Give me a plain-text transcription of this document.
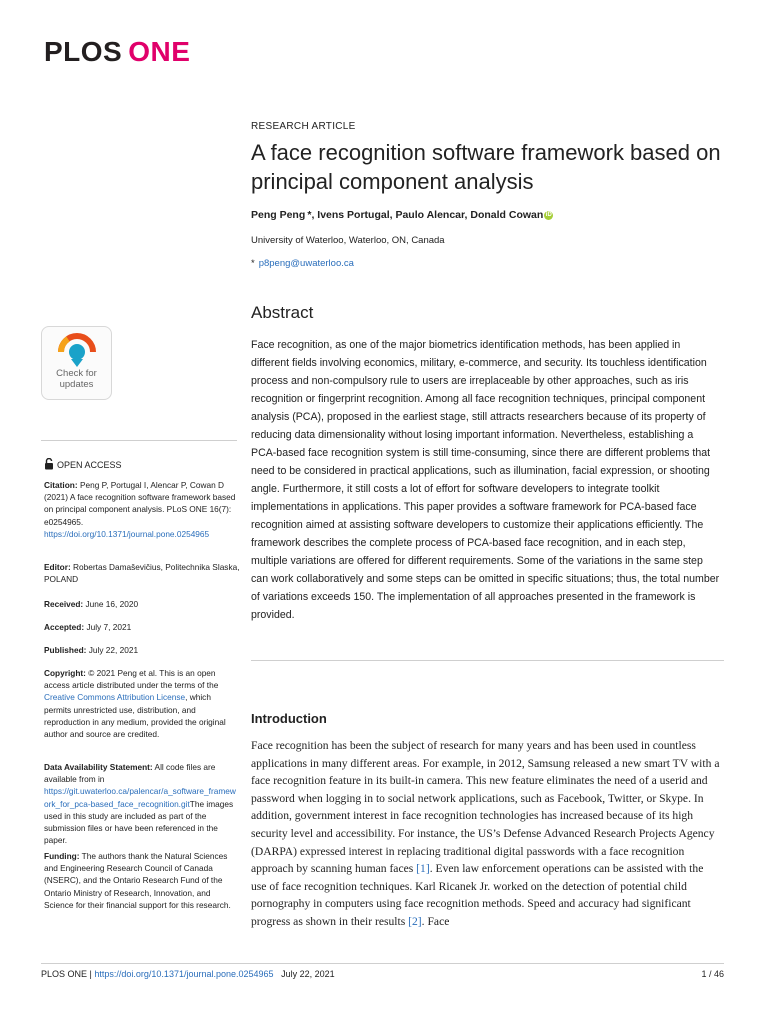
PLOS ONE
RESEARCH ARTICLE
A face recognition software framework based on principal component analysis
Peng Peng *, Ivens Portugal, Paulo Alencar, Donald Cowan iD
University of Waterloo, Waterloo, ON, Canada
* p8peng@uwaterloo.ca
Abstract
Face recognition, as one of the major biometrics identification methods, has been applied in different fields involving economics, military, e-commerce, and security. Its touchless identification process and non-compulsory rule to users are irreplaceable by other approaches, such as iris recognition or fingerprint recognition. Among all face recognition techniques, principal component analysis (PCA), proposed in the earliest stage, still attracts researchers because of its property of reducing data dimensionality without losing important information. Nevertheless, establishing a PCA-based face recognition system is still time-consuming, since there are different problems that need to be considered in practical applications, such as illumination, facial expression, or shooting angle. Furthermore, it still costs a lot of effort for software developers to integrate toolkit implementations in applications. This paper provides a software framework for PCA-based face recognition aimed at assisting software developers to customize their applications efficiently. The framework describes the complete process of PCA-based face recognition, and in each step, multiple variations are offered for different requirements. Some of the variations in the same step can work collaboratively and some steps can be omitted in specific situations; thus, the total number of variations exceeds 150. The implementation of all approaches presented in the framework is provided.
Introduction
Face recognition has been the subject of research for many years and has been used in countless applications in many different areas. For example, in 2012, Samsung released a new smart TV with a face recognition feature in its built-in camera. This new feature eliminates the need of a userid and password when logging in to social network applications, such as Facebook, Twitter, or Skype. In addition, government interest in face recognition technologies has increased because of its high security level and accessibility. For instance, the US’s Defense Advanced Research Projects Agency (DARPA) expressed interest in replacing traditional digital passwords with a face recognition approach by scanning human faces [1]. Even law enforcement operations can be assisted with the use of face recognition techniques. Karl Ricanek Jr. worked on the detection of potential child pornography in computers using face recognition methods. Speed and accuracy had significant progress as shown in their results [2]. Face
Check for
updates
OPEN ACCESS
Citation: Peng P, Portugal I, Alencar P, Cowan D (2021) A face recognition software framework based on principal component analysis. PLoS ONE 16(7): e0254965. https://doi.org/10.1371/journal.pone.0254965
Editor: Robertas Damaševičius, Politechnika Slaska, POLAND
Received: June 16, 2020
Accepted: July 7, 2021
Published: July 22, 2021
Copyright: © 2021 Peng et al. This is an open access article distributed under the terms of the Creative Commons Attribution License, which permits unrestricted use, distribution, and reproduction in any medium, provided the original author and source are credited.
Data Availability Statement: All code files are available from in https://git.uwaterloo.ca/palencar/a_software_framework_for_pca-based_face_recognition.gitThe images used in this study are included as part of the submission files or have been referenced in the paper.
Funding: The authors thank the Natural Sciences and Engineering Research Council of Canada (NSERC), and the Ontario Research Fund of the Ontario Ministry of Research, Innovation, and Science for their financial support for this research.
PLOS ONE | https://doi.org/10.1371/journal.pone.0254965 July 22, 2021	1 / 46
